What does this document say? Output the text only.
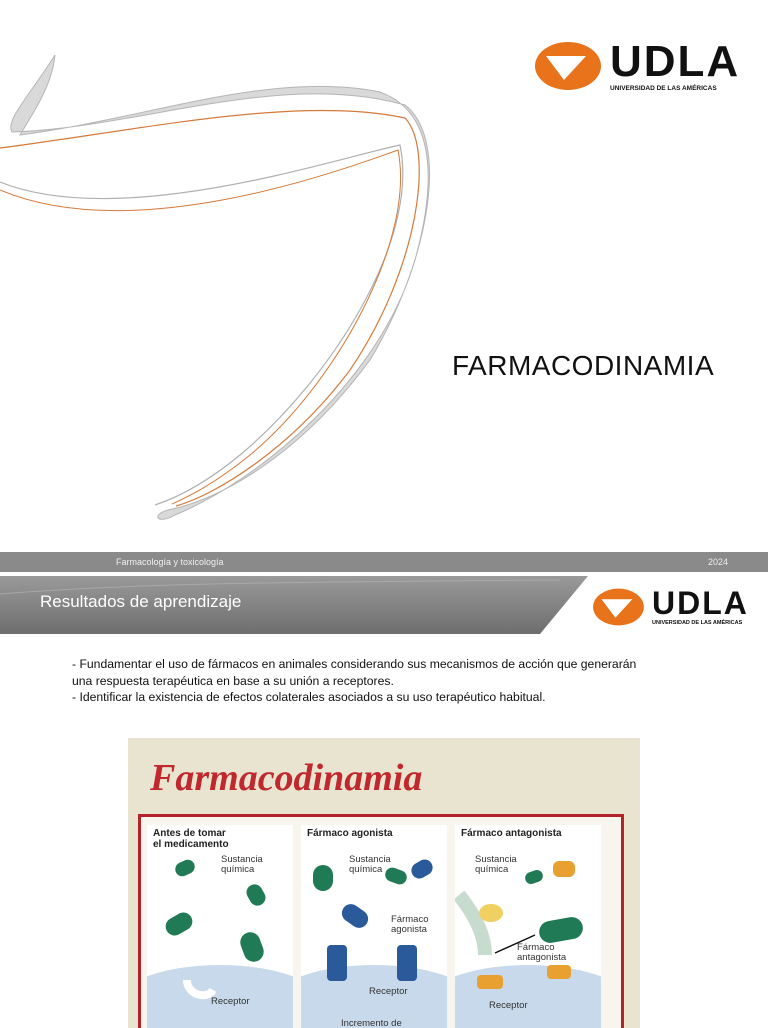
UDLA
UNIVERSIDAD DE LAS AMÉRICAS
FARMACODINAMIA
Farmacología y toxicología	2024
Resultados de aprendizaje	UDLA
UNIVERSIDAD DE LAS AMÉRICAS
- Fundamentar el uso de fármacos en animales considerando sus mecanismos de acción que generarán
una respuesta terapéutica en base a su unión a receptores.
- Identificar la existencia de efectos colaterales asociados a su uso terapéutico habitual.
Farmacodinamia
Antes de tomar
el medicamento
Sustancia
química
Receptor
Fármaco agonista
Sustancia
química
Fármaco
agonista
Receptor
Incremento de
Fármaco antagonista
Sustancia
química
Fármaco
antagonista
Receptor
